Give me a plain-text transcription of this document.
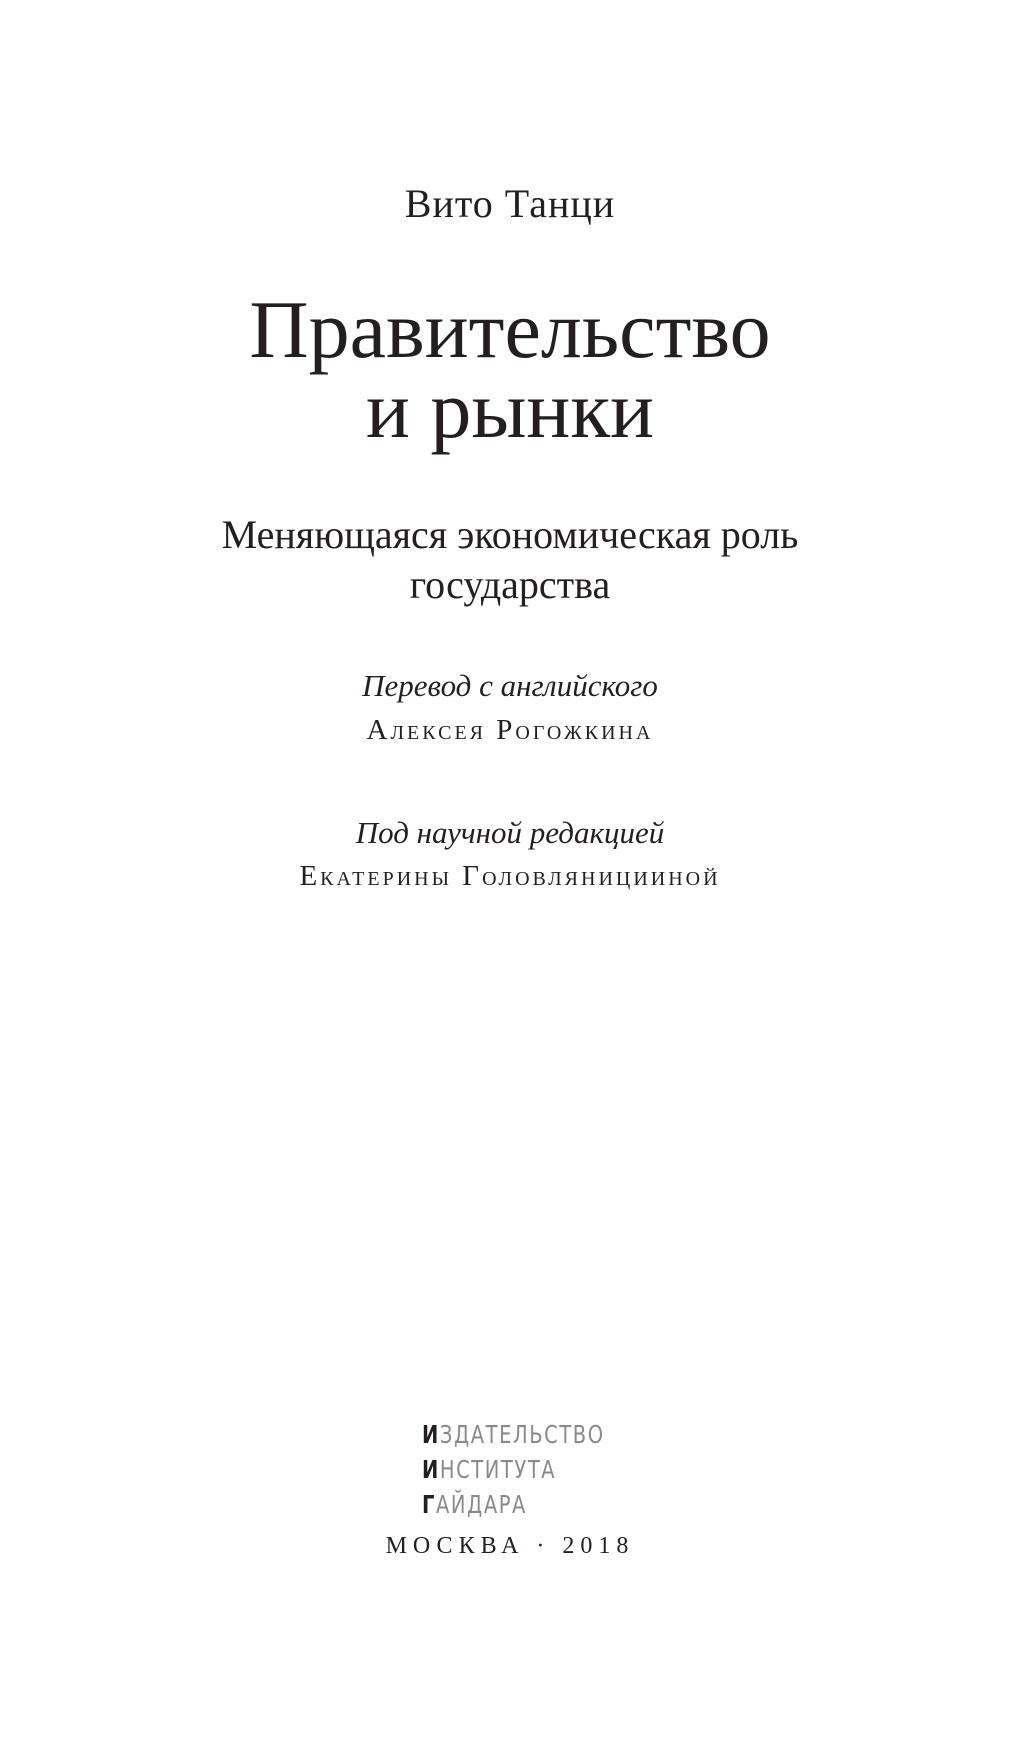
Вито Танци
Правительство
и рынки
Меняющаяся экономическая роль
государства
Перевод с английского
Алексея Рогожкина
Под научной редакцией
Екатерины Головляницииной
ИЗДАТЕЛЬСТВО
ИНСТИТУТА
ГАЙДАРА
МОСКВА · 2018
